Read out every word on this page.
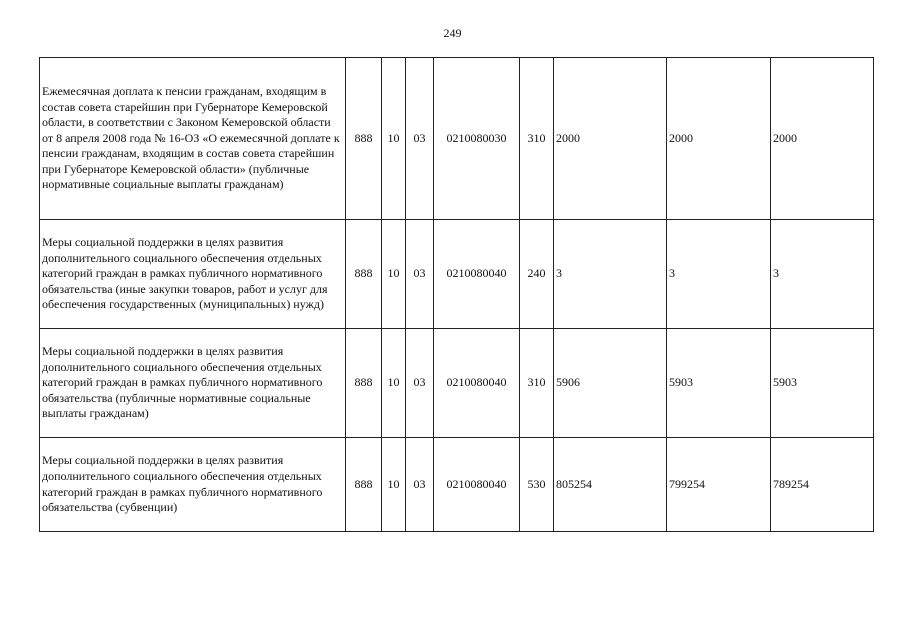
249
Ежемесячная доплата к пенсии гражданам, входящим в состав совета старейшин при Губернаторе Кемеровской области, в соответствии с Законом Кемеровской области от 8 апреля 2008 года № 16-ОЗ «О ежемесячной доплате к пенсии гражданам, входящим в состав совета старейшин при Губернаторе Кемеровской области» (публичные нормативные социальные выплаты гражданам)	888	10	03	0210080030	310	2000	2000	2000
Меры социальной поддержки в целях развития дополнительного социального обеспечения отдельных категорий граждан в рамках публичного нормативного обязательства (иные закупки товаров, работ и услуг для обеспечения государственных (муниципальных) нужд)	888	10	03	0210080040	240	3	3	3
Меры социальной поддержки в целях развития дополнительного социального обеспечения отдельных категорий граждан в рамках публичного нормативного обязательства (публичные нормативные социальные выплаты гражданам)	888	10	03	0210080040	310	5906	5903	5903
Меры социальной поддержки в целях развития дополнительного социального обеспечения отдельных категорий граждан в рамках публичного нормативного обязательства (субвенции)	888	10	03	0210080040	530	805254	799254	789254
